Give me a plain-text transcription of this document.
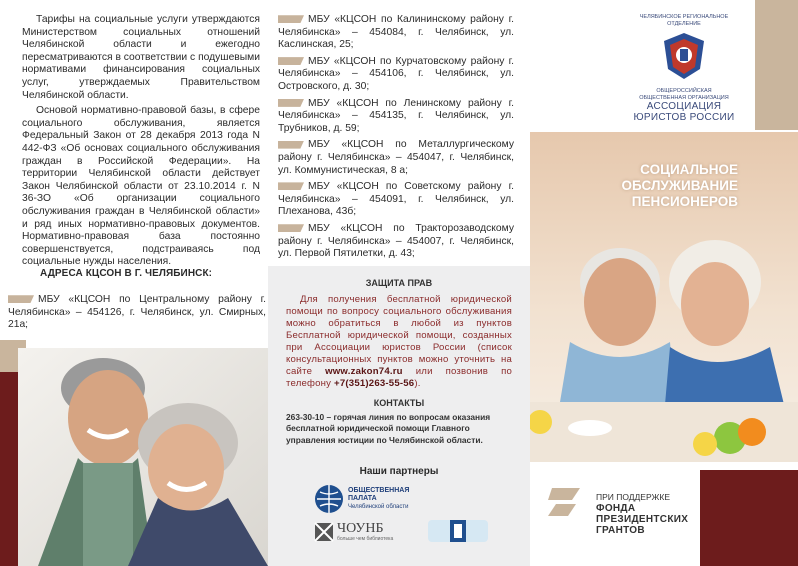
Тарифы на социальные услуги утверждаются Министерством социальных отношений Челябинской области и ежегодно пересматриваются в соответствии с подушевыми нормативами финансирования социальных услуг, утверждаемых Правительством Челябинской области.

Основой нормативно-правовой базы, в сфере социального обслуживания, является Федеральный Закон от 28 декабря 2013 года N 442-ФЗ «Об основах социального обслуживания граждан в Российской Федерации». На территории Челябинской области действует Закон Челябинской области от 23.10.2014 г. N 36-ЗО «Об организации социального обслуживания граждан в Челябинской области» и ряд иных нормативно-правовых документов. Нормативно-правовая база постоянно совершенствуется, подстраиваясь под социальные нужды населения.

АДРЕСА КЦСОН В Г. ЧЕЛЯБИНСК:
МБУ «КЦСОН по Центральному району г. Челябинска» – 454126, г. Челябинск, ул. Смирных, 21а;
МБУ «КЦСОН по Калининскому району г. Челябинска» – 454084, г. Челябинск, ул. Каслинская, 25;
МБУ «КЦСОН по Курчатовскому району г. Челябинска» – 454106, г. Челябинск, ул. Островского, д. 30;
МБУ «КЦСОН по Ленинскому району г. Челябинска» – 454135, г. Челябинск, ул. Трубников, д. 59;
МБУ «КЦСОН по Металлургическому району г. Челябинска» – 454047, г. Челябинск, ул. Коммунистическая, 8 а;
МБУ «КЦСОН по Советскому району г. Челябинска» – 454091, г. Челябинск, ул. Плеханова, 43б;
МБУ «КЦСОН по Тракторозаводскому району г. Челябинска» – 454007, г. Челябинск, ул. Первой Пятилетки, д. 43;
ЗАЩИТА ПРАВ
Для получения бесплатной юридической помощи по вопросу социального обслуживания можно обратиться в любой из пунктов Бесплатной юридической помощи, созданных при Ассоциации юристов России (список консультационных пунктов можно уточнить на сайте www.zakon74.ru или позвонив по телефону +7(351)263-55-56).
КОНТАКТЫ
263-30-10 – горячая линия по вопросам оказания бесплатной юридической помощи Главного управления юстиции по Челябинской области.
Наши партнеры
ОБЩЕСТВЕННАЯ
ПАЛАТА
Челябинской области
ЧОУНБ
больше чем библиотека
ЧЕЛЯБИНСКОЕ РЕГИОНАЛЬНОЕ
ОТДЕЛЕНИЕ
ОБЩЕРОССИЙСКАЯ
ОБЩЕСТВЕННАЯ ОРГАНИЗАЦИЯ
АССОЦИАЦИЯ
ЮРИСТОВ РОССИИ
СОЦИАЛЬНОЕ
ОБСЛУЖИВАНИЕ
ПЕНСИОНЕРОВ
ПРИ ПОДДЕРЖКЕ
ФОНДА
ПРЕЗИДЕНТСКИХ
ГРАНТОВ
